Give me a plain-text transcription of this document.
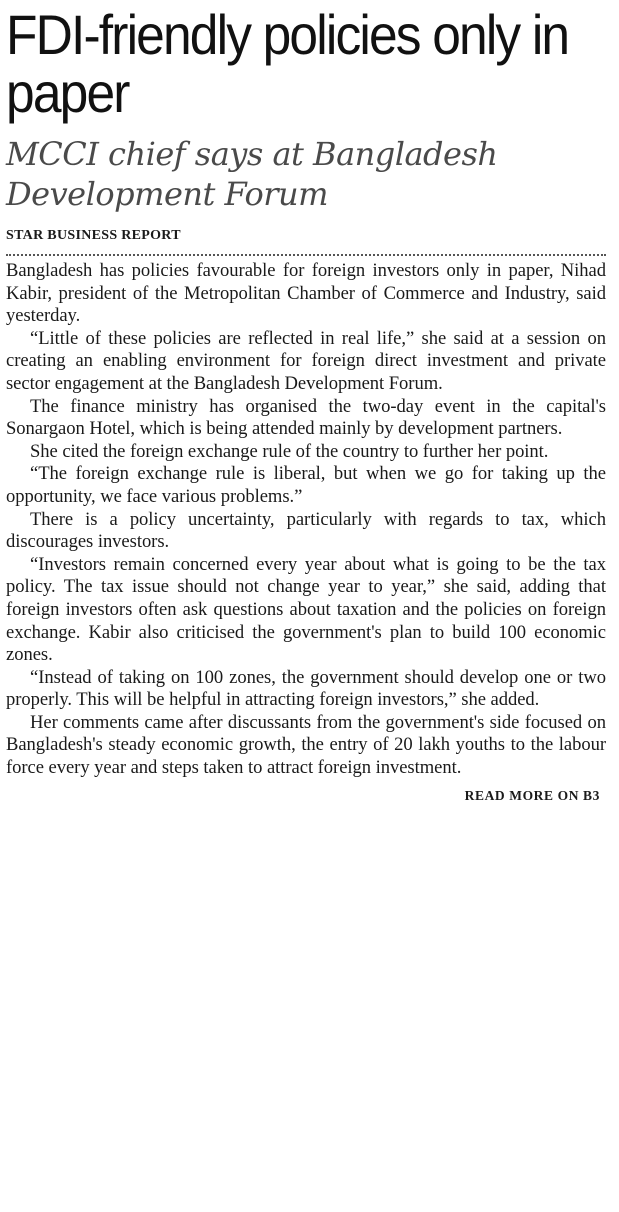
FDI-friendly policies only in paper
MCCI chief says at Bangladesh Development Forum
STAR BUSINESS REPORT

Bangladesh has policies favourable for foreign investors only in paper, Nihad Kabir, president of the Metropolitan Chamber of Commerce and Industry, said yesterday.

“Little of these policies are reflected in real life,” she said at a session on creating an enabling environment for foreign direct investment and private sector engagement at the Bangladesh Development Forum.

The finance ministry has organised the two-day event in the capital's Sonargaon Hotel, which is being attended mainly by development partners.

She cited the foreign exchange rule of the country to further her point.

“The foreign exchange rule is liberal, but when we go for taking up the opportunity, we face various problems.”

There is a policy uncertainty, particularly with regards to tax, which discourages investors.

“Investors remain concerned every year about what is going to be the tax policy. The tax issue should not change year to year,” she said, adding that foreign investors often ask questions about taxation and the policies on foreign exchange. Kabir also criticised the government's plan to build 100 economic zones.

“Instead of taking on 100 zones, the government should develop one or two properly. This will be helpful in attracting foreign investors,” she added.

Her comments came after discussants from the government's side focused on Bangladesh's steady economic growth, the entry of 20 lakh youths to the labour force every year and steps taken to attract foreign investment.

READ MORE ON B3
